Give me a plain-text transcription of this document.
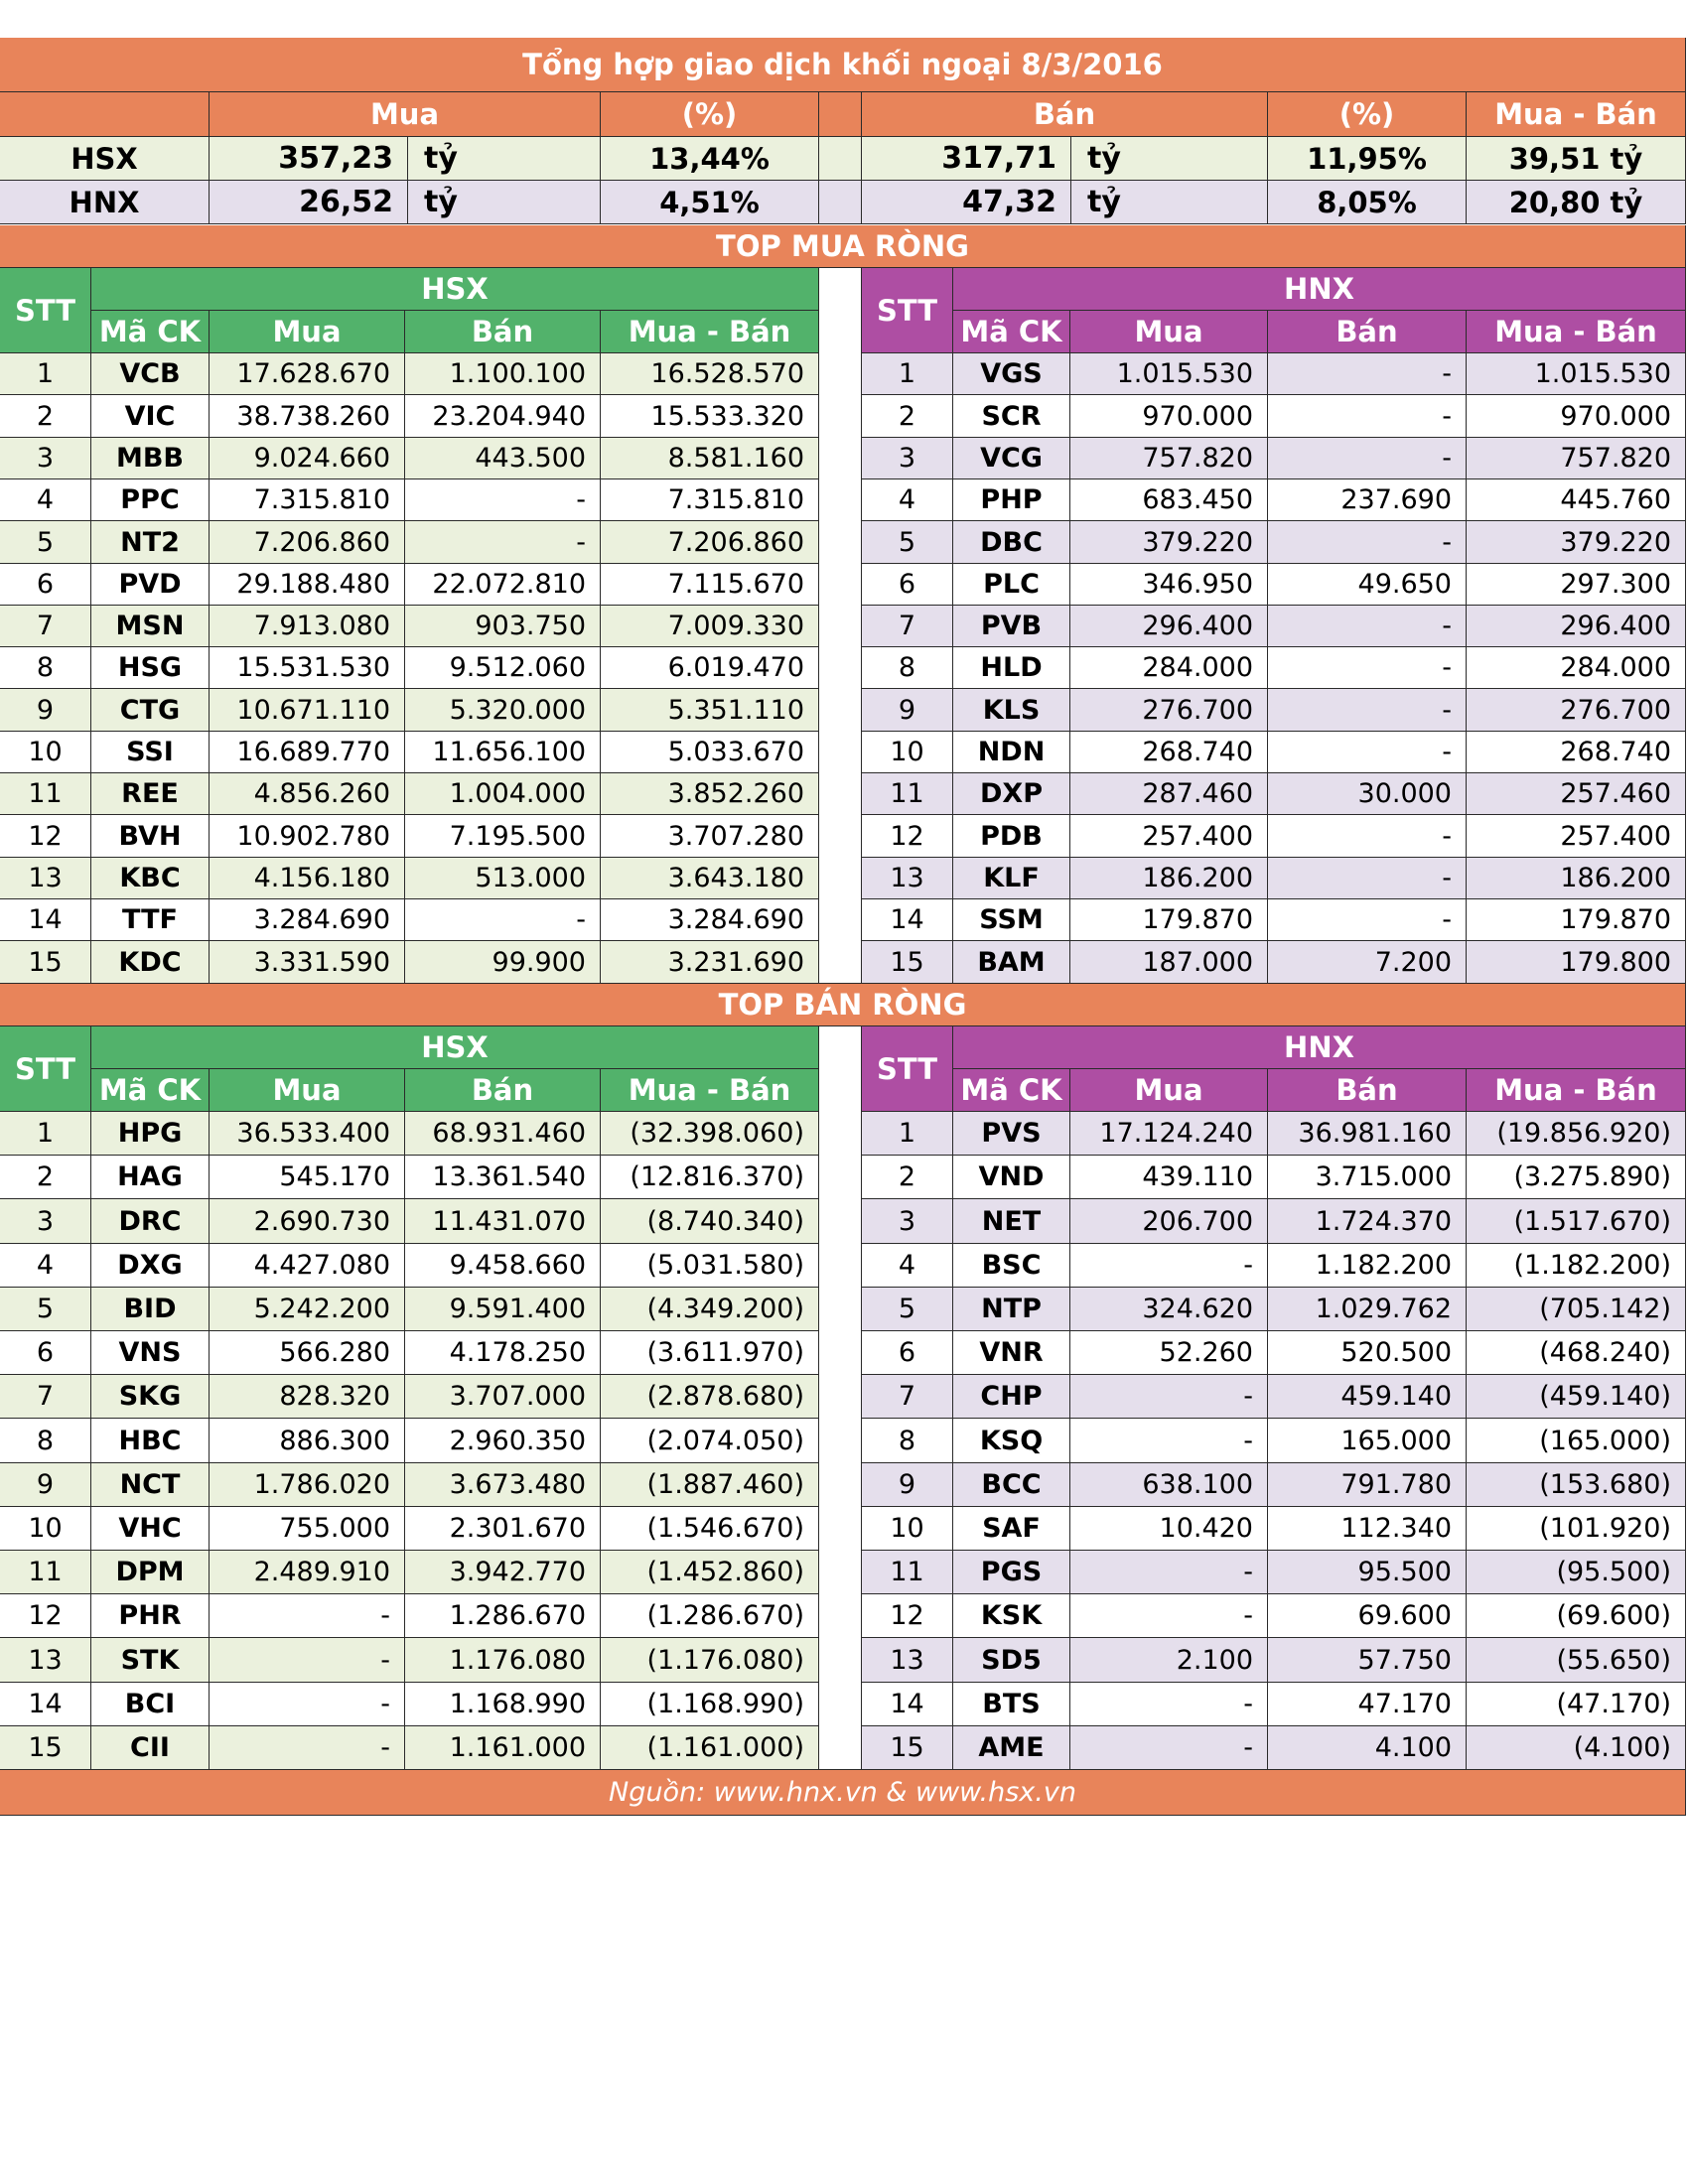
Tổng hợp giao dịch khối ngoại 8/3/2016
Mua	(%)	Bán	(%)	Mua - Bán
HSX	357,23	tỷ	13,44%	317,71	tỷ	11,95%	39,51 tỷ
HNX	26,52	tỷ	4,51%	47,32	tỷ	8,05%	20,80 tỷ
TOP MUA RÒNG
STT
HSX
Mã CK	Mua	Bán	Mua - Bán
1	VCB	17.628.670	1.100.100	16.528.570
2	VIC	38.738.260	23.204.940	15.533.320
3	MBB	9.024.660	443.500	8.581.160
4	PPC	7.315.810	-	7.315.810
5	NT2	7.206.860	-	7.206.860
6	PVD	29.188.480	22.072.810	7.115.670
7	MSN	7.913.080	903.750	7.009.330
8	HSG	15.531.530	9.512.060	6.019.470
9	CTG	10.671.110	5.320.000	5.351.110
10	SSI	16.689.770	11.656.100	5.033.670
11	REE	4.856.260	1.004.000	3.852.260
12	BVH	10.902.780	7.195.500	3.707.280
13	KBC	4.156.180	513.000	3.643.180
14	TTF	3.284.690	-	3.284.690
15	KDC	3.331.590	99.900	3.231.690
STT
HNX
Mã CK	Mua	Bán	Mua - Bán
1	VGS	1.015.530	-	1.015.530
2	SCR	970.000	-	970.000
3	VCG	757.820	-	757.820
4	PHP	683.450	237.690	445.760
5	DBC	379.220	-	379.220
6	PLC	346.950	49.650	297.300
7	PVB	296.400	-	296.400
8	HLD	284.000	-	284.000
9	KLS	276.700	-	276.700
10	NDN	268.740	-	268.740
11	DXP	287.460	30.000	257.460
12	PDB	257.400	-	257.400
13	KLF	186.200	-	186.200
14	SSM	179.870	-	179.870
15	BAM	187.000	7.200	179.800
TOP BÁN RÒNG
STT
HSX
Mã CK	Mua	Bán	Mua - Bán
1	HPG	36.533.400	68.931.460	(32.398.060)
2	HAG	545.170	13.361.540	(12.816.370)
3	DRC	2.690.730	11.431.070	(8.740.340)
4	DXG	4.427.080	9.458.660	(5.031.580)
5	BID	5.242.200	9.591.400	(4.349.200)
6	VNS	566.280	4.178.250	(3.611.970)
7	SKG	828.320	3.707.000	(2.878.680)
8	HBC	886.300	2.960.350	(2.074.050)
9	NCT	1.786.020	3.673.480	(1.887.460)
10	VHC	755.000	2.301.670	(1.546.670)
11	DPM	2.489.910	3.942.770	(1.452.860)
12	PHR	-	1.286.670	(1.286.670)
13	STK	-	1.176.080	(1.176.080)
14	BCI	-	1.168.990	(1.168.990)
15	CII	-	1.161.000	(1.161.000)
STT
HNX
Mã CK	Mua	Bán	Mua - Bán
1	PVS	17.124.240	36.981.160	(19.856.920)
2	VND	439.110	3.715.000	(3.275.890)
3	NET	206.700	1.724.370	(1.517.670)
4	BSC	-	1.182.200	(1.182.200)
5	NTP	324.620	1.029.762	(705.142)
6	VNR	52.260	520.500	(468.240)
7	CHP	-	459.140	(459.140)
8	KSQ	-	165.000	(165.000)
9	BCC	638.100	791.780	(153.680)
10	SAF	10.420	112.340	(101.920)
11	PGS	-	95.500	(95.500)
12	KSK	-	69.600	(69.600)
13	SD5	2.100	57.750	(55.650)
14	BTS	-	47.170	(47.170)
15	AME	-	4.100	(4.100)
Nguồn: www.hnx.vn & www.hsx.vn
